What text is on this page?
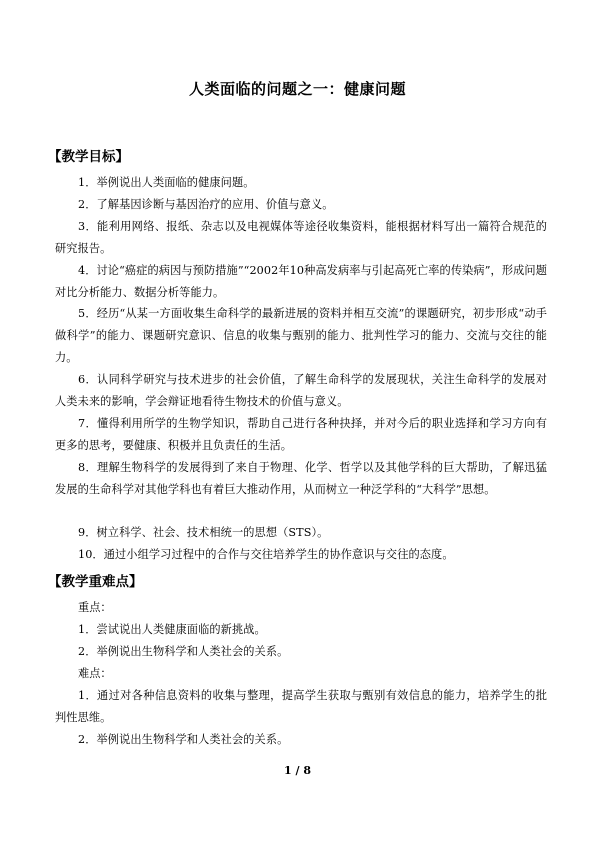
人类面临的问题之一：健康问题
【教学目标】
1．举例说出人类面临的健康问题。
2．了解基因诊断与基因治疗的应用、价值与意义。
3．能利用网络、报纸、杂志以及电视媒体等途径收集资料，能根据材料写出一篇符合规范的研究报告。
4．讨论“癌症的病因与预防措施”“2002年10种高发病率与引起高死亡率的传染病”，形成问题对比分析能力、数据分析等能力。
5．经历“从某一方面收集生命科学的最新进展的资料并相互交流”的课题研究，初步形成“动手做科学”的能力、课题研究意识、信息的收集与甄别的能力、批判性学习的能力、交流与交往的能力。
6．认同科学研究与技术进步的社会价值，了解生命科学的发展现状，关注生命科学的发展对人类未来的影响，学会辩证地看待生物技术的价值与意义。
7．懂得利用所学的生物学知识，帮助自己进行各种抉择，并对今后的职业选择和学习方向有更多的思考，要健康、积极并且负责任的生活。
8．理解生物科学的发展得到了来自于物理、化学、哲学以及其他学科的巨大帮助，了解迅猛发展的生命科学对其他学科也有着巨大推动作用，从而树立一种泛学科的“大科学”思想。
9．树立科学、社会、技术相统一的思想（STS）。
10．通过小组学习过程中的合作与交往培养学生的协作意识与交往的态度。
【教学重难点】
重点：
1．尝试说出人类健康面临的新挑战。
2．举例说出生物科学和人类社会的关系。
难点：
1．通过对各种信息资料的收集与整理，提高学生获取与甄别有效信息的能力，培养学生的批判性思维。
2．举例说出生物科学和人类社会的关系。
1 / 8
